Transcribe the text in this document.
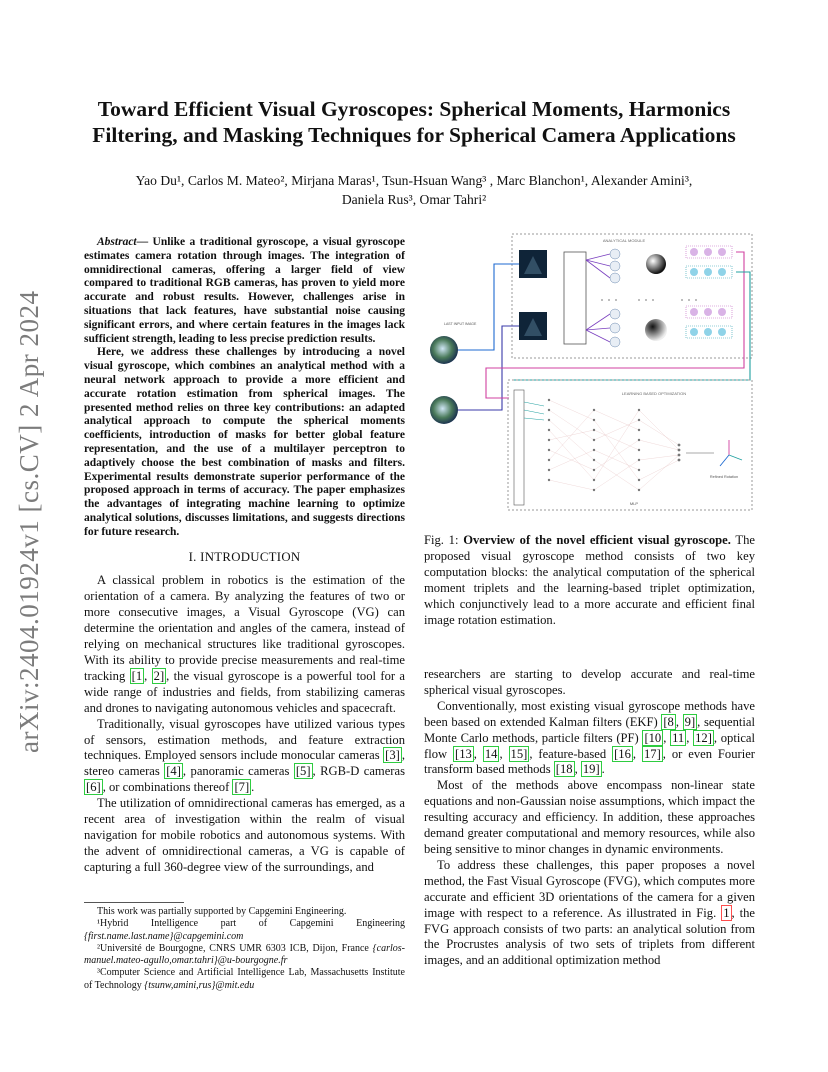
Toward Efficient Visual Gyroscopes: Spherical Moments, Harmonics Filtering, and Masking Techniques for Spherical Camera Applications
Yao Du¹, Carlos M. Mateo², Mirjana Maras¹, Tsun-Hsuan Wang³ , Marc Blanchon¹, Alexander Amini³,
Daniela Rus³, Omar Tahri²
arXiv:2404.01924v1 [cs.CV] 2 Apr 2024

Abstract— Unlike a traditional gyroscope, a visual gyroscope estimates camera rotation through images. The integration of omnidirectional cameras, offering a larger field of view compared to traditional RGB cameras, has proven to yield more accurate and robust results. However, challenges arise in situations that lack features, have substantial noise causing significant errors, and where certain features in the images lack sufficient strength, leading to less precise prediction results.

Here, we address these challenges by introducing a novel visual gyroscope, which combines an analytical method with a neural network approach to provide a more efficient and accurate rotation estimation from spherical images. The presented method relies on three key contributions: an adapted analytical approach to compute the spherical moments coefficients, introduction of masks for better global feature representation, and the use of a multilayer perceptron to adaptively choose the best combination of masks and filters. Experimental results demonstrate superior performance of the proposed approach in terms of accuracy. The paper emphasizes the advantages of integrating machine learning to optimize analytical solutions, discusses limitations, and suggests directions for future research.

I. INTRODUCTION

A classical problem in robotics is the estimation of the orientation of a camera. By analyzing the features of two or more consecutive images, a Visual Gyroscope (VG) can determine the orientation and angles of the camera, instead of relying on mechanical structures like traditional gyroscopes. With its ability to provide precise measurements and real-time tracking [1 , 2] , the visual gyroscope is a powerful tool for a wide range of industries and fields, from stabilizing cameras and drones to navigating autonomous vehicles and spacecraft.

Traditionally, visual gyroscopes have utilized various types of sensors, estimation methods, and feature extraction techniques. Employed sensors include monocular cameras [3] , stereo cameras [4] , panoramic cameras [5] , RGB-D cameras [6] , or combinations thereof [7] .

The utilization of omnidirectional cameras has emerged, as a recent area of investigation within the realm of visual navigation for mobile robotics and autonomous systems. With the advent of omnidirectional cameras, a VG is capable of capturing a full 360-degree view of the surroundings, and

This work was partially supported by Capgemini Engineering.

¹Hybrid Intelligence part of Capgemini Engineering {first.name.last.name}@capgemini.com

²Université de Bourgogne, CNRS UMR 6303 ICB, Dijon, France {carlos-manuel.mateo-agullo,omar.tahri}@u-bourgogne.fr

³Computer Science and Artificial Intelligence Lab, Massachusetts Institute of Technology {tsunw,amini,rus}@mit.edu

ANALYTICAL MODULE
LAST INPUT IMAGE
LEARNING BASED OPTIMIZATION
MLP
Refined Rotation
Fig. 1: Overview of the novel efficient visual gyroscope. The proposed visual gyroscope method consists of two key computation blocks: the analytical computation of the spherical moment triplets and the learning-based triplet optimization, which conjunctively lead to a more accurate and efficient final image rotation estimation.

researchers are starting to develop accurate and real-time spherical visual gyroscopes.

Conventionally, most existing visual gyroscope methods have been based on extended Kalman filters (EKF) [8 , 9] , sequential Monte Carlo methods, particle filters (PF) [10 , 11 , 12] , optical flow [13 , 14 , 15] , feature-based [16 , 17] , or even Fourier transform based methods [18 , 19] .

Most of the methods above encompass non-linear state equations and non-Gaussian noise assumptions, which impact the resulting accuracy and efficiency. In addition, these approaches demand greater computational and memory resources, while also being sensitive to minor changes in dynamic environments.

To address these challenges, this paper proposes a novel method, the Fast Visual Gyroscope (FVG), which computes more accurate and efficient 3D orientations of the camera for a given image with respect to a reference. As illustrated in Fig. 1 , the FVG approach consists of two parts: an analytical solution from the Procrustes analysis of two sets of triplets from different images, and an additional optimization method
